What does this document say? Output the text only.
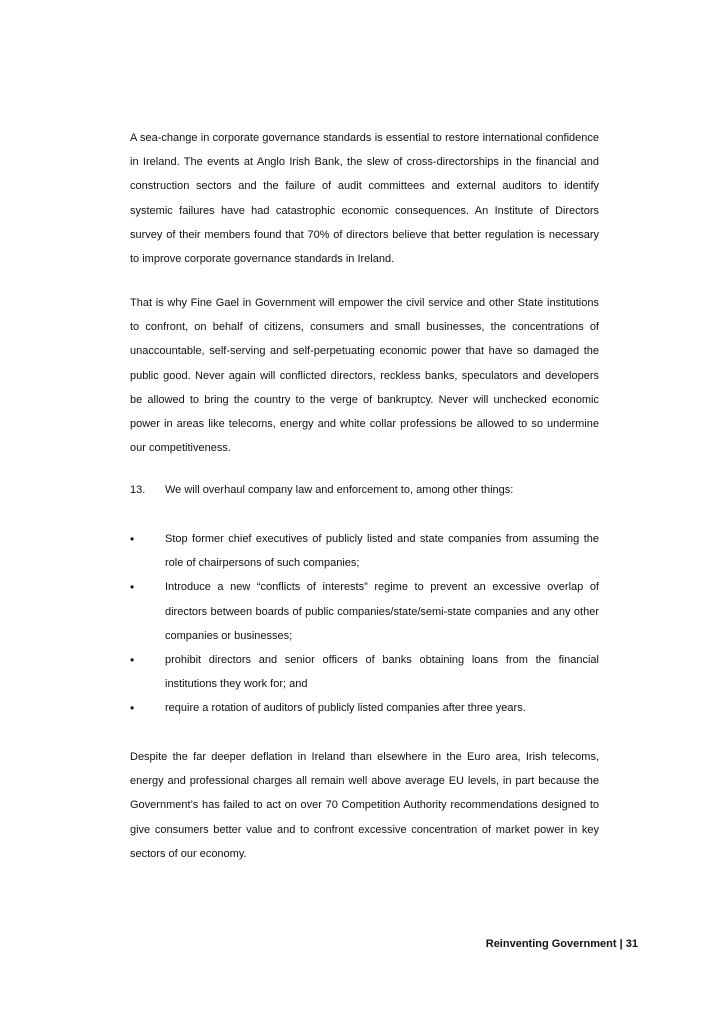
A sea-change in corporate governance standards is essential to restore international confidence in Ireland. The events at Anglo Irish Bank, the slew of cross-directorships in the financial and construction sectors and the failure of audit committees and external auditors to identify systemic failures have had catastrophic economic consequences. An Institute of Directors survey of their members found that 70% of directors believe that better regulation is necessary to improve corporate governance standards in Ireland.

That is why Fine Gael in Government will empower the civil service and other State institutions to confront, on behalf of citizens, consumers and small businesses, the concentrations of unaccountable, self-serving and self-perpetuating economic power that have so damaged the public good. Never again will conflicted directors, reckless banks, speculators and developers be allowed to bring the country to the verge of bankruptcy. Never will unchecked economic power in areas like telecoms, energy and white collar professions be allowed to so undermine our competitiveness.

13.	We will overhaul company law and enforcement to, among other things:
•	Stop former chief executives of publicly listed and state companies from assuming the role of chairpersons of such companies;
•	Introduce a new “conflicts of interests” regime to prevent an excessive overlap of directors between boards of public companies/state/semi-state companies and any other companies or businesses;
•	prohibit directors and senior officers of banks obtaining loans from the financial institutions they work for; and
•	require a rotation of auditors of publicly listed companies after three years.

Despite the far deeper deflation in Ireland than elsewhere in the Euro area, Irish telecoms, energy and professional charges all remain well above average EU levels, in part because the Government’s has failed to act on over 70 Competition Authority recommendations designed to give consumers better value and to confront excessive concentration of market power in key sectors of our economy.

Reinventing Government | 31
